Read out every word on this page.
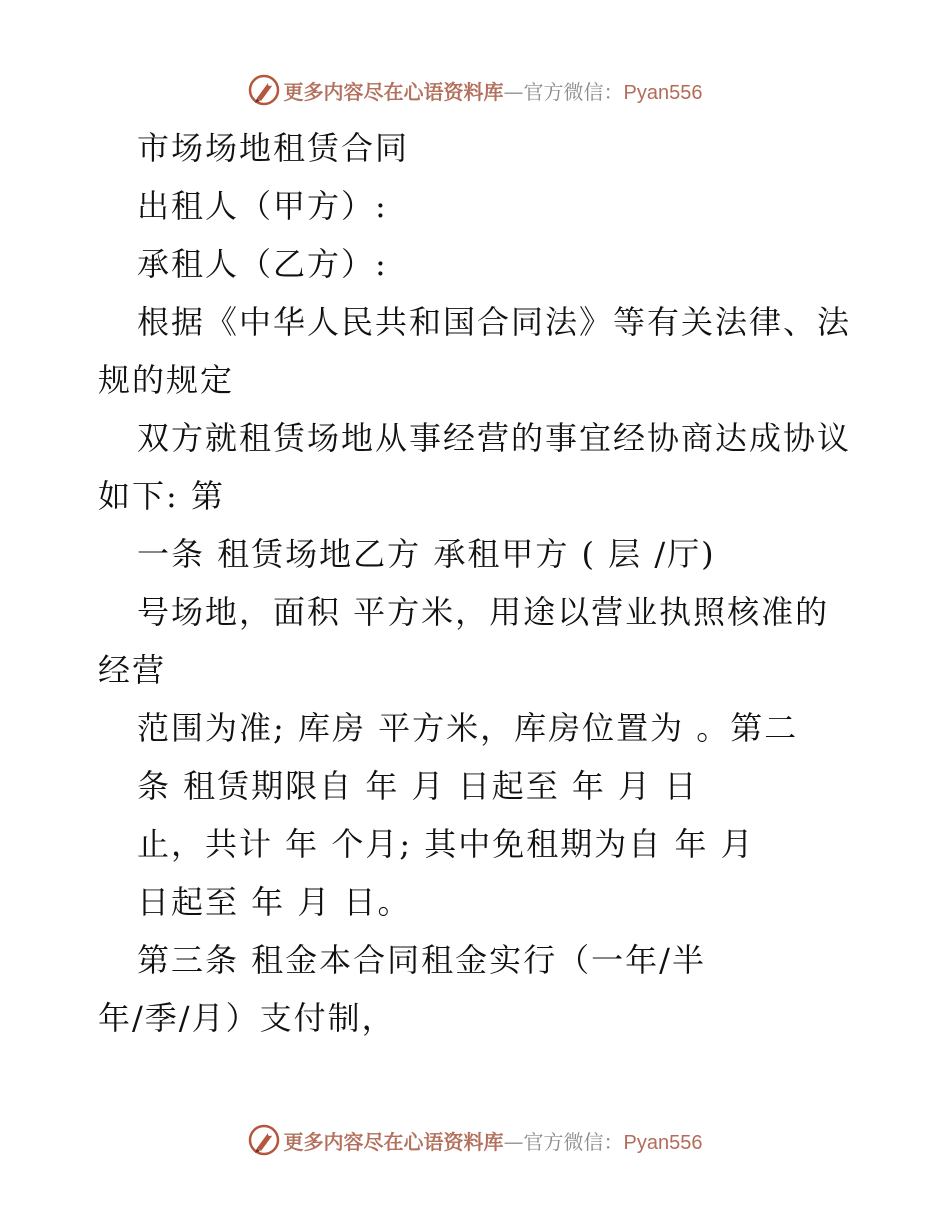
更多内容尽在心语资料库—官方微信：Pyan556
市场场地租赁合同
出租人（甲方）:
承租人（乙方）:
根据《中华人民共和国合同法》等有关法律、法
规的规定
双方就租赁场地从事经营的事宜经协商达成协议
如下: 第
一条 租赁场地乙方 承租甲方 ( 层 /厅)
号场地，面积 平方米，用途以营业执照核准的
经营
范围为准; 库房 平方米，库房位置为 。第二
条 租赁期限自 年 月 日起至 年 月 日
止，共计 年 个月; 其中免租期为自 年 月
日起至 年 月 日。
第三条 租金本合同租金实行（一年/半
年/季/月）支付制，
更多内容尽在心语资料库—官方微信：Pyan556
